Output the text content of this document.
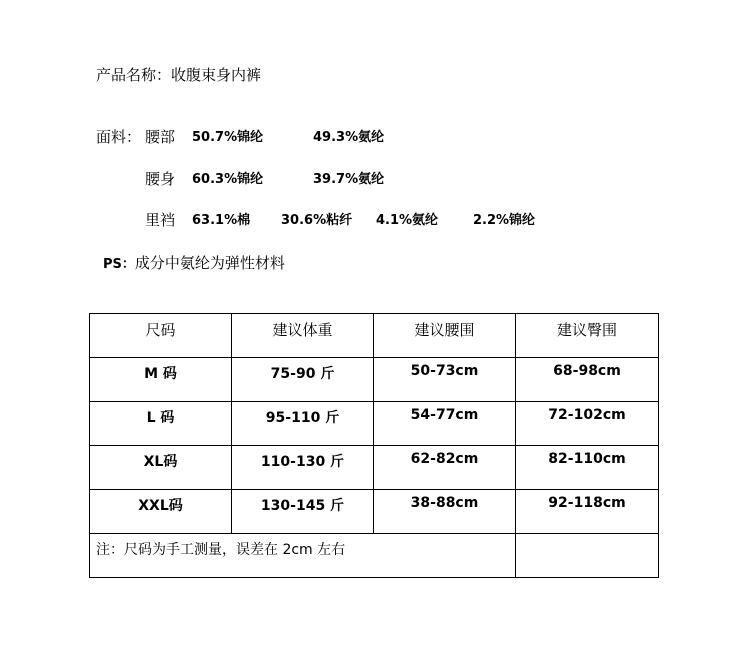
产品名称：收腹束身内裤
面料： 腰部 50.7%锦纶	49.3%氨纶
腰身 60.3%锦纶	39.7%氨纶
里裆 63.1%棉 30.6%粘纤 4.1%氨纶	2.2%锦纶
PS：成分中氨纶为弹性材料
尺码	建议体重	建议腰围	建议臀围
M 码	75-90 斤	50-73cm	68-98cm
L 码	95-110 斤	54-77cm	72-102cm
XL码	110-130 斤	62-82cm	82-110cm
XXL码	130-145 斤	38-88cm	92-118cm
注：尺码为手工测量，误差在 2cm 左右			
